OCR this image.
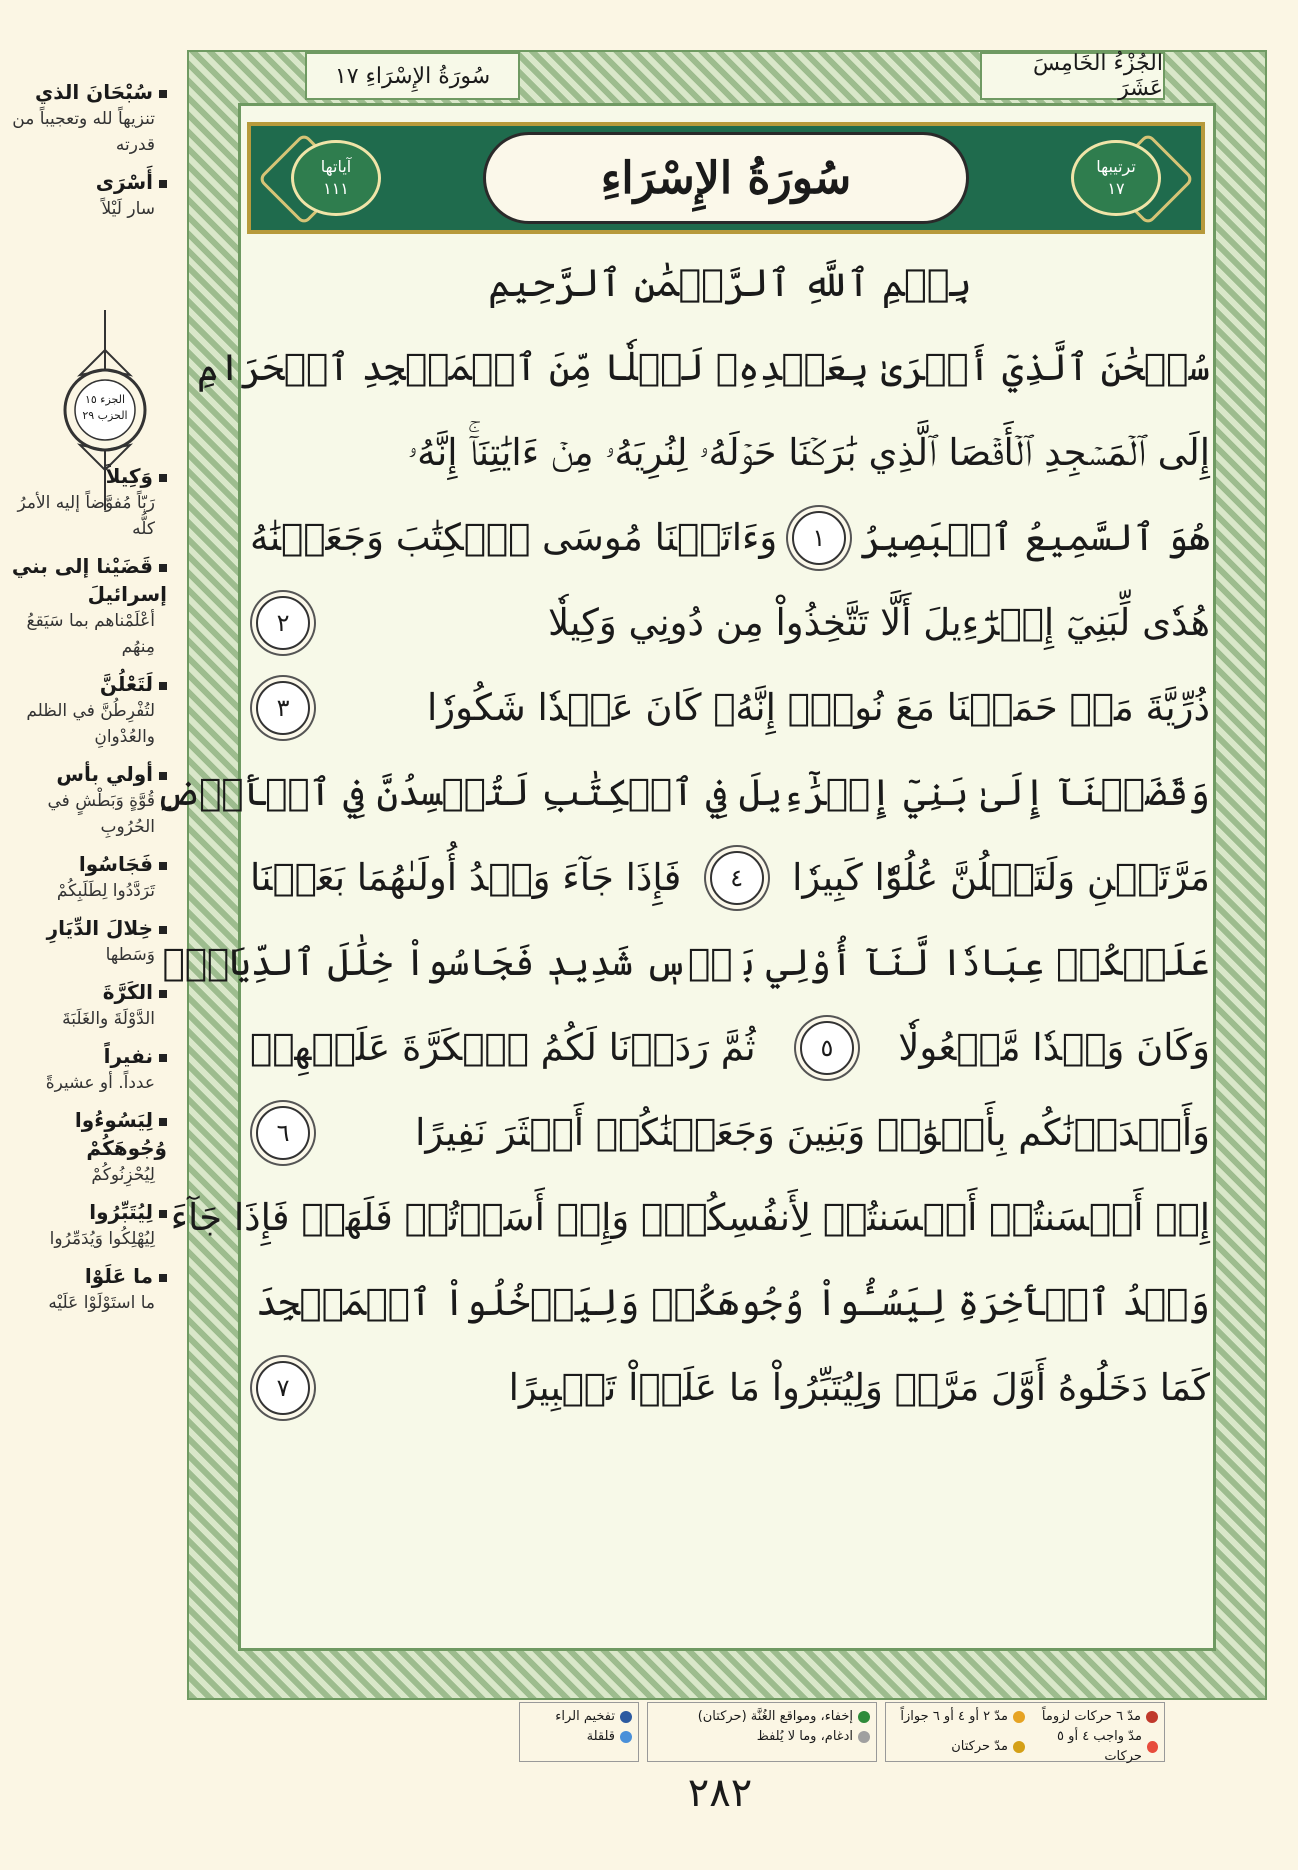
سُبْحَانَ الذي
تنزيهاً لله وتعجيباً من قدرته
أَسْرَى
سار لَيْلاً
وَكِيلاً
رَبّاً مُفوَّضاً إليه الأمرُ كلُّه
قَضَيْنا إلى بني إسرائيلَ
أعْلَمْناهم بما سَيَقعُ مِنهُم
لَتَعْلُنَّ
لتُفْرِطُنَّ في الظلم والعُدْوانِ
أولي بأس
قُوَّةٍ وَبَطْشٍ في الحُرُوبِ
فَجَاسُوا
تَرَدَّدُوا لِطَلَبِكُمْ
خِلالَ الدِّيَارِ
وَسَطها
الكَرَّةَ
الدَّوْلَةَ والغَلَبَةَ
نفيراً
عدداً. أو عشيرةً
لِيَسُوءُوا وُجُوهَكُمْ
لِيُحْزِنُوكُمْ
لِيُتَبِّرُوا
لِيُهْلِكُوا وَيُدَمِّرُوا
ما عَلَوْا
ما استَوْلَوْا عَلَيْه
الجزء ١٥
الحزب ٢٩
سُورَةُ الإِسْرَاءِ ١٧	الجُزْءُ الخَامِسَ عَشَرَ
آياتها
١١١
ترتيبها
١٧
سُورَةُ الإِسْرَاءِ
بِسۡمِ ٱللَّهِ ٱلرَّحۡمَٰنِ ٱلرَّحِيمِ
سُبۡحَٰنَ ٱلَّذِيٓ أَسۡرَىٰ بِعَبۡدِهِۦ لَيۡلٗا مِّنَ ٱلۡمَسۡجِدِ ٱلۡحَرَامِ
إِلَى ٱلۡمَسۡجِدِ ٱلۡأَقۡصَا ٱلَّذِي بَٰرَكۡنَا حَوۡلَهُۥ لِنُرِيَهُۥ مِنۡ ءَايَٰتِنَآۚ إِنَّهُۥ
هُوَ ٱلسَّمِيعُ ٱلۡبَصِيرُ
١
وَءَاتَيۡنَا مُوسَى ٱلۡكِتَٰبَ وَجَعَلۡنَٰهُ
هُدٗى لِّبَنِيٓ إِسۡرَٰٓءِيلَ أَلَّا تَتَّخِذُواْ مِن دُونِي وَكِيلٗا
٢
ذُرِّيَّةَ مَنۡ حَمَلۡنَا مَعَ نُوحٍۚ إِنَّهُۥ كَانَ عَبۡدٗا شَكُورٗا
٣
وَقَضَيۡنَآ إِلَىٰ بَنِيٓ إِسۡرَٰٓءِيلَ فِي ٱلۡكِتَٰبِ لَتُفۡسِدُنَّ فِي ٱلۡأَرۡضِ
مَرَّتَيۡنِ وَلَتَعۡلُنَّ عُلُوّٗا كَبِيرٗا
٤
فَإِذَا جَآءَ وَعۡدُ أُولَىٰهُمَا بَعَثۡنَا
عَلَيۡكُمۡ عِبَادٗا لَّنَآ أُوْلِي بَأۡسٖ شَدِيدٖ فَجَاسُواْ خِلَٰلَ ٱلدِّيَارِۚ
وَكَانَ وَعۡدٗا مَّفۡعُولٗا
٥
ثُمَّ رَدَدۡنَا لَكُمُ ٱلۡكَرَّةَ عَلَيۡهِمۡ
وَأَمۡدَدۡنَٰكُم بِأَمۡوَٰلٖ وَبَنِينَ وَجَعَلۡنَٰكُمۡ أَكۡثَرَ نَفِيرًا
٦
إِنۡ أَحۡسَنتُمۡ أَحۡسَنتُمۡ لِأَنفُسِكُمۡۖ وَإِنۡ أَسَأۡتُمۡ فَلَهَاۚ فَإِذَا جَآءَ
وَعۡدُ ٱلۡأٓخِرَةِ لِيَسُـُٔواْ وُجُوهَكُمۡ وَلِيَدۡخُلُواْ ٱلۡمَسۡجِدَ
كَمَا دَخَلُوهُ أَوَّلَ مَرَّةٖ وَلِيُتَبِّرُواْ مَا عَلَوۡاْ تَتۡبِيرًا
٧
مدّ ٦ حركات لزوماً
مدّ ٢ أو ٤ أو ٦ جوازاً
مدّ واجب ٤ أو ٥ حركات
مدّ حركتان
إخفاء، ومواقع الغُنَّة (حركتان)
ادغام، وما لا يُلفظ
تفخيم الراء
قلقلة
٢٨٢
